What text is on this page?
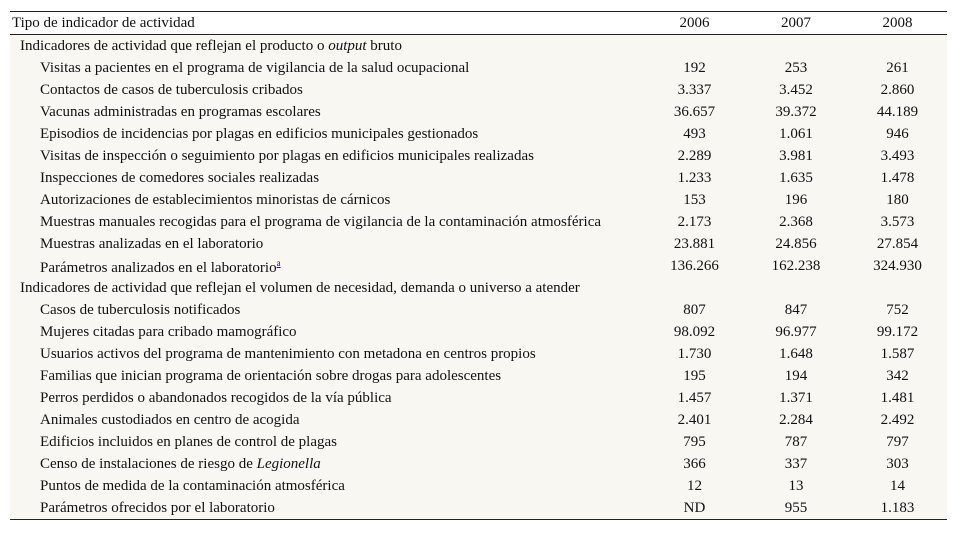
Tipo de indicador de actividad	2006	2007	2008
Indicadores de actividad que reflejan el producto o output bruto			
Visitas a pacientes en el programa de vigilancia de la salud ocupacional	192	253	261
Contactos de casos de tuberculosis cribados	3.337	3.452	2.860
Vacunas administradas en programas escolares	36.657	39.372	44.189
Episodios de incidencias por plagas en edificios municipales gestionados	493	1.061	946
Visitas de inspección o seguimiento por plagas en edificios municipales realizadas	2.289	3.981	3.493
Inspecciones de comedores sociales realizadas	1.233	1.635	1.478
Autorizaciones de establecimientos minoristas de cárnicos	153	196	180
Muestras manuales recogidas para el programa de vigilancia de la contaminación atmosférica	2.173	2.368	3.573
Muestras analizadas en el laboratorio	23.881	24.856	27.854
Parámetros analizados en el laboratorio$^a$	136.266	162.238	324.930
Indicadores de actividad que reflejan el volumen de necesidad, demanda o universo a atender			
Casos de tuberculosis notificados	807	847	752
Mujeres citadas para cribado mamográfico	98.092	96.977	99.172
Usuarios activos del programa de mantenimiento con metadona en centros propios	1.730	1.648	1.587
Familias que inician programa de orientación sobre drogas para adolescentes	195	194	342
Perros perdidos o abandonados recogidos de la vía pública	1.457	1.371	1.481
Animales custodiados en centro de acogida	2.401	2.284	2.492
Edificios incluidos en planes de control de plagas	795	787	797
Censo de instalaciones de riesgo de Legionella	366	337	303
Puntos de medida de la contaminación atmosférica	12	13	14
Parámetros ofrecidos por el laboratorio	ND	955	1.183
